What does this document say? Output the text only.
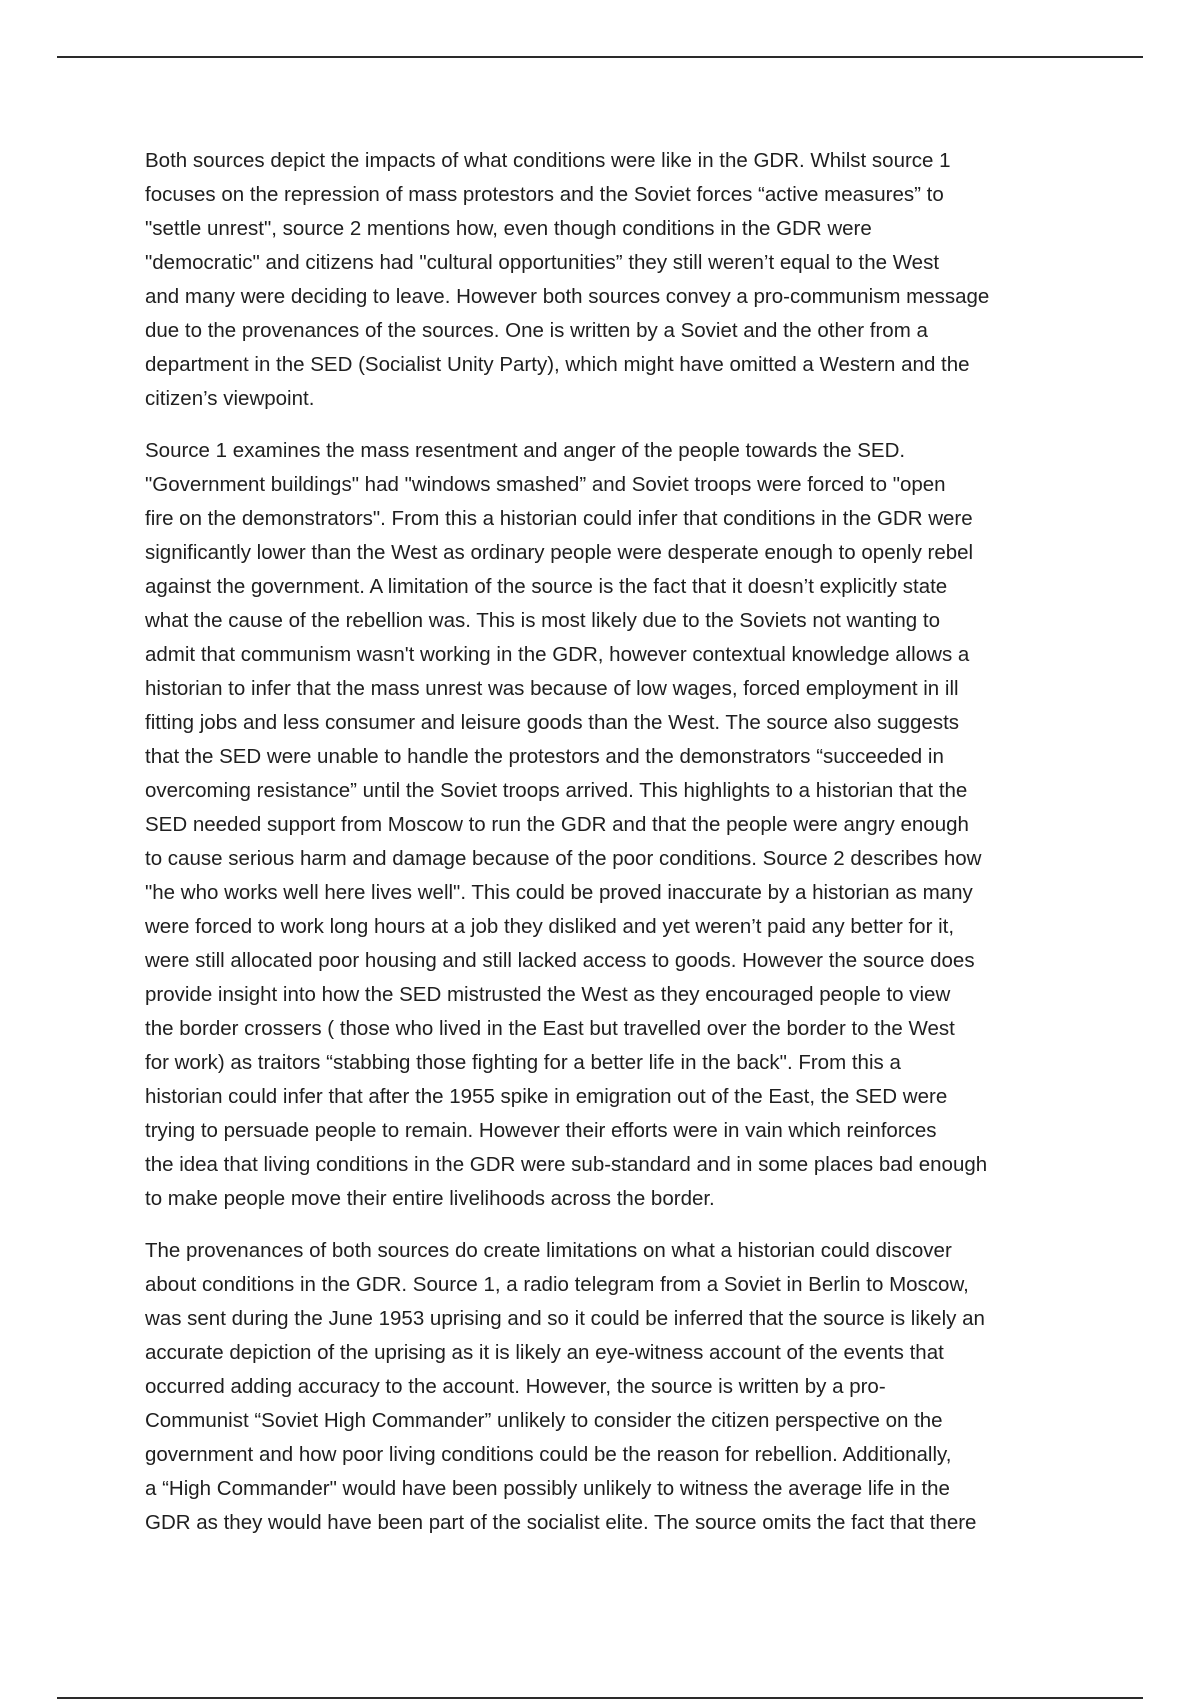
Both sources depict the impacts of what conditions were like in the GDR. Whilst source 1
focuses on the repression of mass protestors and the Soviet forces “active measures” to
"settle unrest", source 2 mentions how, even though conditions in the GDR were
"democratic" and citizens had "cultural opportunities” they still weren’t equal to the West
and many were deciding to leave. However both sources convey a pro-communism message
due to the provenances of the sources. One is written by a Soviet and the other from a
department in the SED (Socialist Unity Party), which might have omitted a Western and the
citizen’s viewpoint.

Source 1 examines the mass resentment and anger of the people towards the SED.
"Government buildings" had "windows smashed” and Soviet troops were forced to "open
fire on the demonstrators". From this a historian could infer that conditions in the GDR were
significantly lower than the West as ordinary people were desperate enough to openly rebel
against the government. A limitation of the source is the fact that it doesn’t explicitly state
what the cause of the rebellion was. This is most likely due to the Soviets not wanting to
admit that communism wasn't working in the GDR, however contextual knowledge allows a
historian to infer that the mass unrest was because of low wages, forced employment in ill
fitting jobs and less consumer and leisure goods than the West. The source also suggests
that the SED were unable to handle the protestors and the demonstrators “succeeded in
overcoming resistance” until the Soviet troops arrived. This highlights to a historian that the
SED needed support from Moscow to run the GDR and that the people were angry enough
to cause serious harm and damage because of the poor conditions. Source 2 describes how
"he who works well here lives well". This could be proved inaccurate by a historian as many
were forced to work long hours at a job they disliked and yet weren’t paid any better for it,
were still allocated poor housing and still lacked access to goods. However the source does
provide insight into how the SED mistrusted the West as they encouraged people to view
the border crossers ( those who lived in the East but travelled over the border to the West
for work) as traitors “stabbing those fighting for a better life in the back". From this a
historian could infer that after the 1955 spike in emigration out of the East, the SED were
trying to persuade people to remain. However their efforts were in vain which reinforces
the idea that living conditions in the GDR were sub-standard and in some places bad enough
to make people move their entire livelihoods across the border.

The provenances of both sources do create limitations on what a historian could discover
about conditions in the GDR. Source 1, a radio telegram from a Soviet in Berlin to Moscow,
was sent during the June 1953 uprising and so it could be inferred that the source is likely an
accurate depiction of the uprising as it is likely an eye-witness account of the events that
occurred adding accuracy to the account. However, the source is written by a pro-
Communist “Soviet High Commander” unlikely to consider the citizen perspective on the
government and how poor living conditions could be the reason for rebellion. Additionally,
a “High Commander" would have been possibly unlikely to witness the average life in the
GDR as they would have been part of the socialist elite. The source omits the fact that there
